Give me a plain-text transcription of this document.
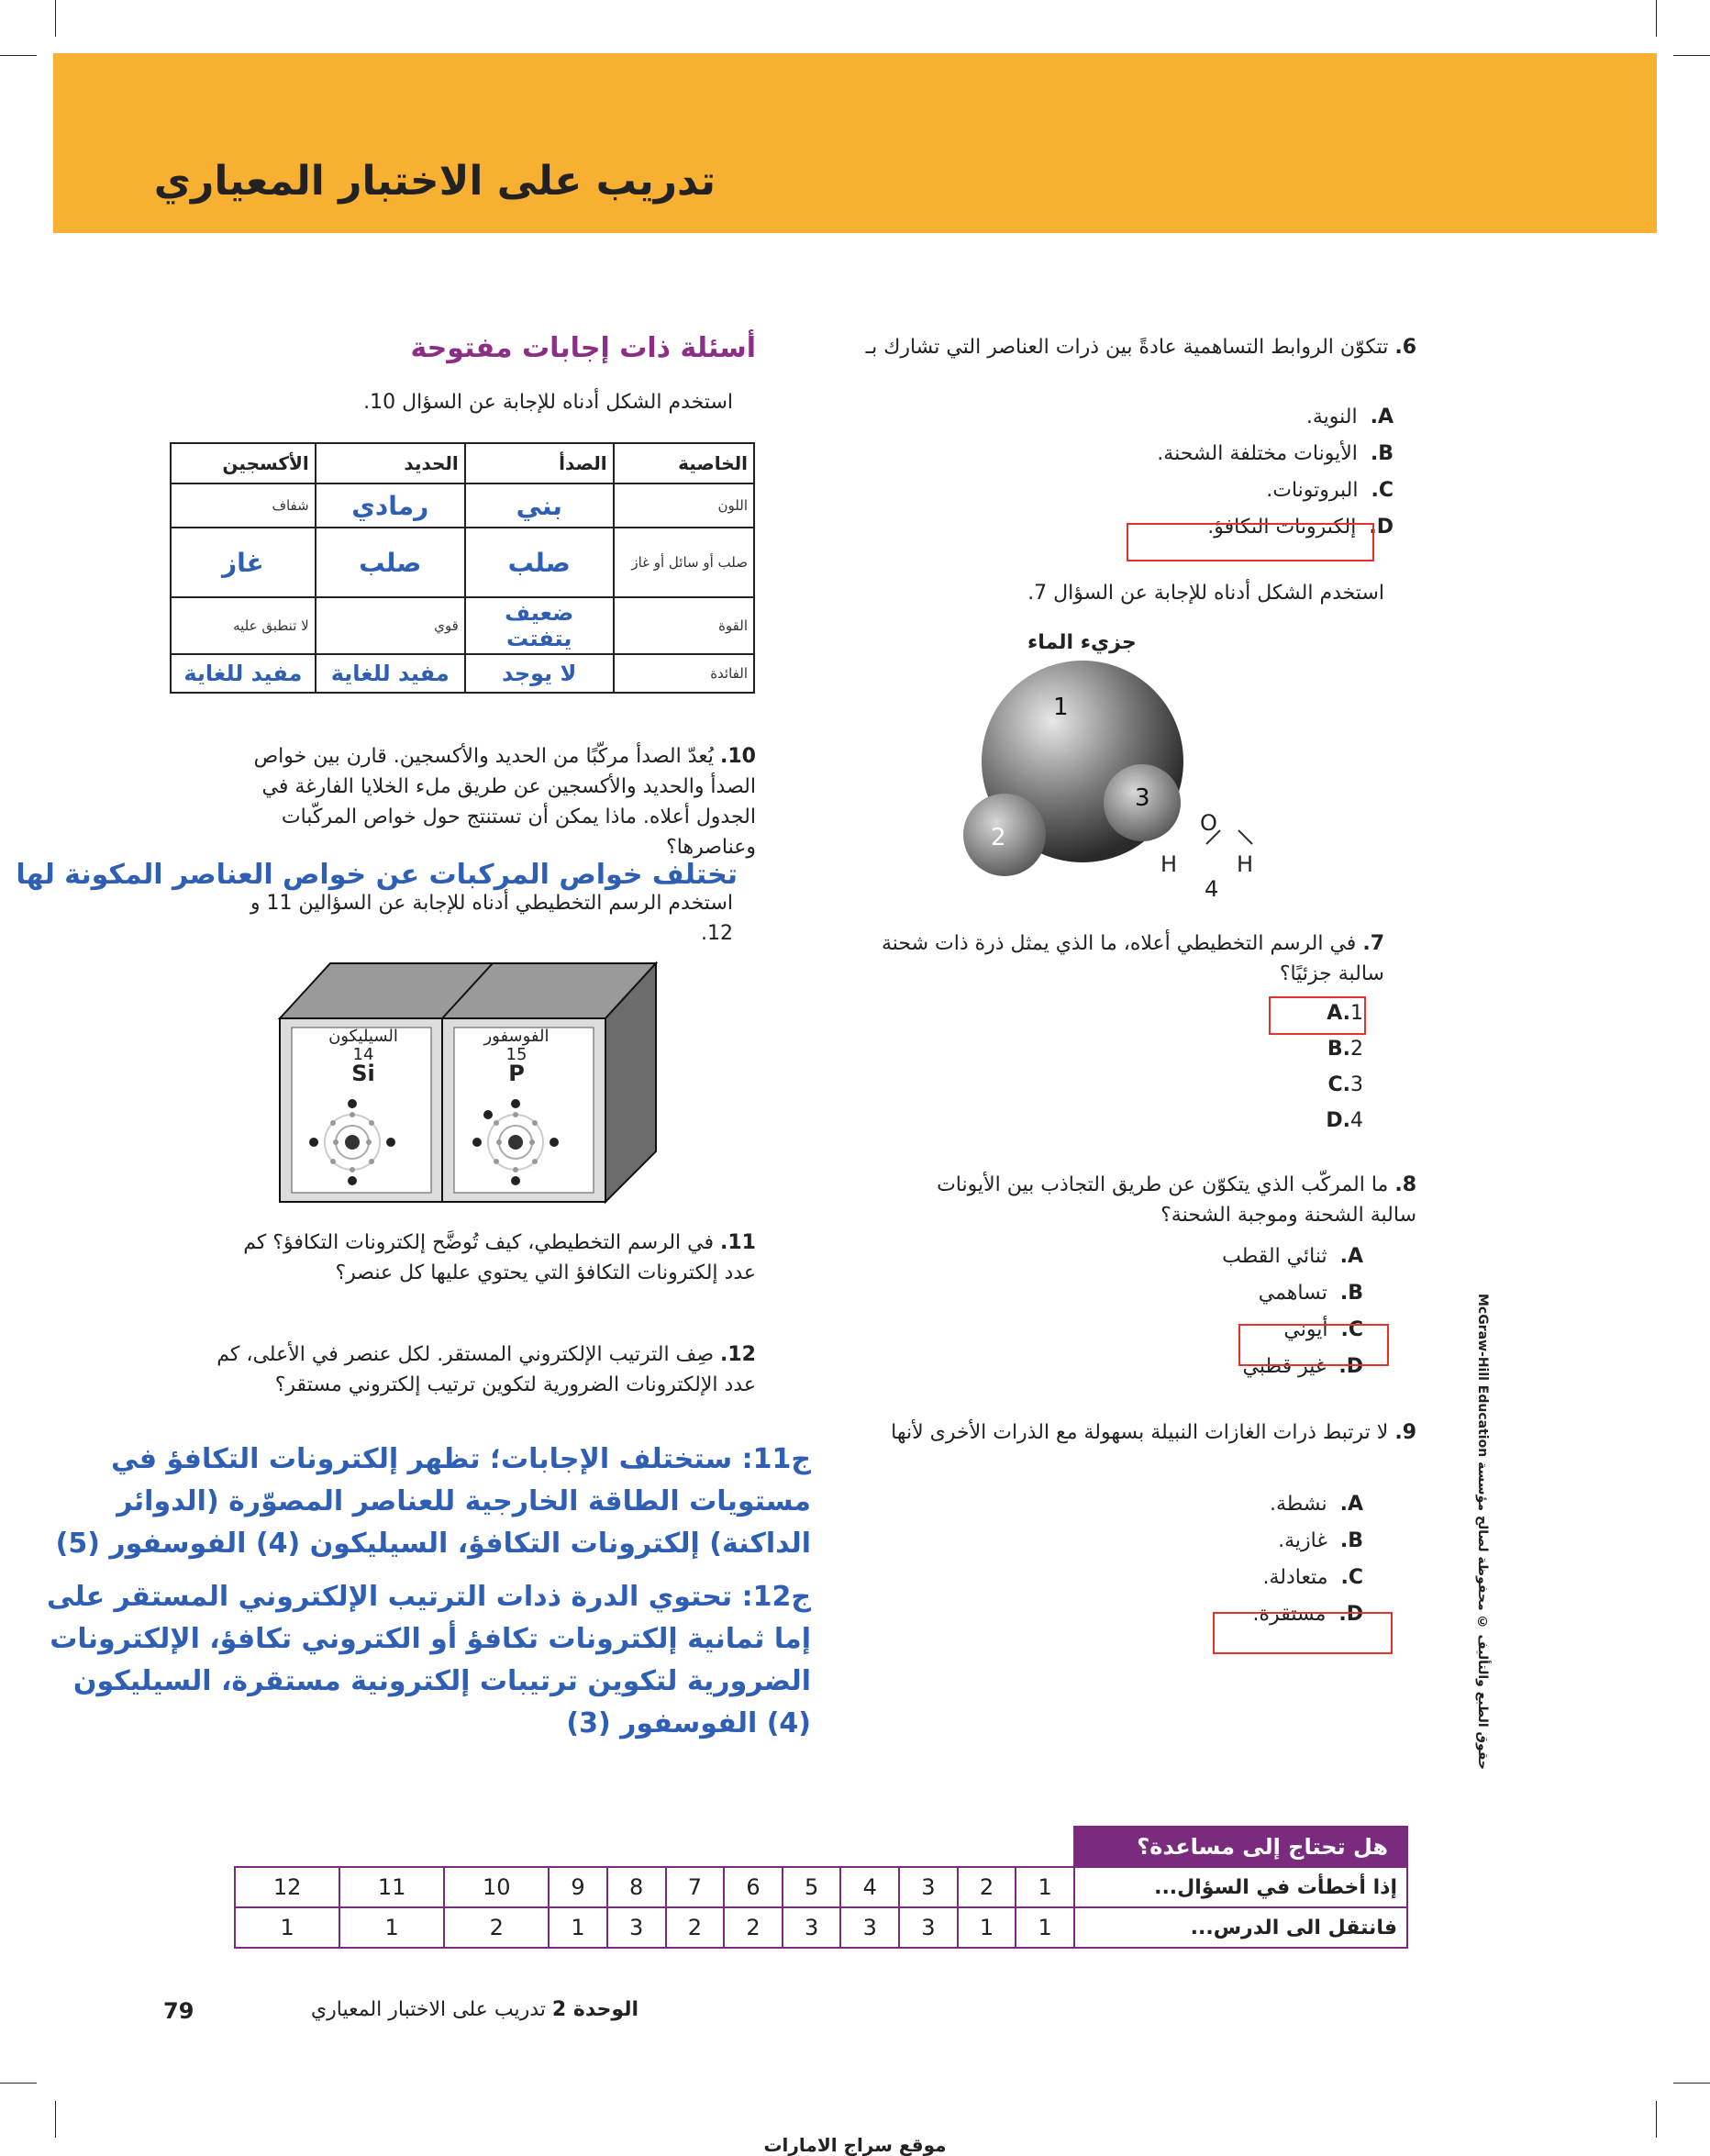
تدريب على الاختبار المعياري
6. تتكوّن الروابط التساهمية عادةً بين ذرات العناصر التي تشارك بـ
A.النوية.
B.الأيونات مختلفة الشحنة.
C.البروتونات.
D.إلكترونات التكافؤ.
استخدم الشكل أدناه للإجابة عن السؤال 7.
جزيء الماء
1
2
3
4
O
H	H
7. في الرسم التخطيطي أعلاه، ما الذي يمثل ذرة ذات شحنة سالبة جزئيًا؟
A.1
B.2
C.3
D.4
8. ما المركّب الذي يتكوّن عن طريق التجاذب بين الأيونات سالبة الشحنة وموجبة الشحنة؟
A.ثنائي القطب
B.تساهمي
C.أيوني
D.غير قطبي
9. لا ترتبط ذرات الغازات النبيلة بسهولة مع الذرات الأخرى لأنها
A.نشطة.
B.غازية.
C.متعادلة.
D.مستقرة.
McGraw-Hill Education حقوق الطبع والتأليف © محفوظة لصالح مؤسسة
أسئلة ذات إجابات مفتوحة
استخدم الشكل أدناه للإجابة عن السؤال 10.
الأكسجين	الحديد	الصدأ	الخاصية
شفاف	رمادي	بني	اللون
غاز	صلب	صلب	صلب أو سائل أو غاز
لا تنطبق عليه	قوي	ضعيف يتفتت	القوة
مفيد للغاية	مفيد للغاية	لا يوجد	الفائدة
10. يُعدّ الصدأ مركّبًا من الحديد والأكسجين. قارن بين خواص الصدأ والحديد والأكسجين عن طريق ملء الخلايا الفارغة في الجدول أعلاه. ماذا يمكن أن تستنتج حول خواص المركّبات وعناصرها؟
تختلف خواص المركبات عن خواص العناصر المكونة لها
استخدم الرسم التخطيطي أدناه للإجابة عن السؤالين 11 و 12.
السيليكون
14
Si
الفوسفور
15
P
11. في الرسم التخطيطي، كيف تُوضَّح إلكترونات التكافؤ؟ كم عدد إلكترونات التكافؤ التي يحتوي عليها كل عنصر؟
12. صِف الترتيب الإلكتروني المستقر. لكل عنصر في الأعلى، كم عدد الإلكترونات الضرورية لتكوين ترتيب إلكتروني مستقر؟
ج11: ستختلف الإجابات؛ تظهر إلكترونات التكافؤ في مستويات الطاقة الخارجية للعناصر المصوّرة (الدوائر الداكنة) إلكترونات التكافؤ، السيليكون (4) الفوسفور (5)
ج12: تحتوي الدرة ذدات الترتيب الإلكتروني المستقر على إما ثمانية إلكترونات تكافؤ أو الكتروني تكافؤ، الإلكترونات الضرورية لتكوين ترتيبات إلكترونية مستقرة، السيليكون (4) الفوسفور (3)
هل تحتاج إلى مساعدة؟												
إذا أخطأت في السؤال...	1	2	3	4	5	6	7	8	9	10	11	12
فانتقل الى الدرس...	1	1	3	3	3	2	2	3	1	2	1	1
79	الوحدة 2 تدريب على الاختبار المعياري
موقع سراج الامارات
